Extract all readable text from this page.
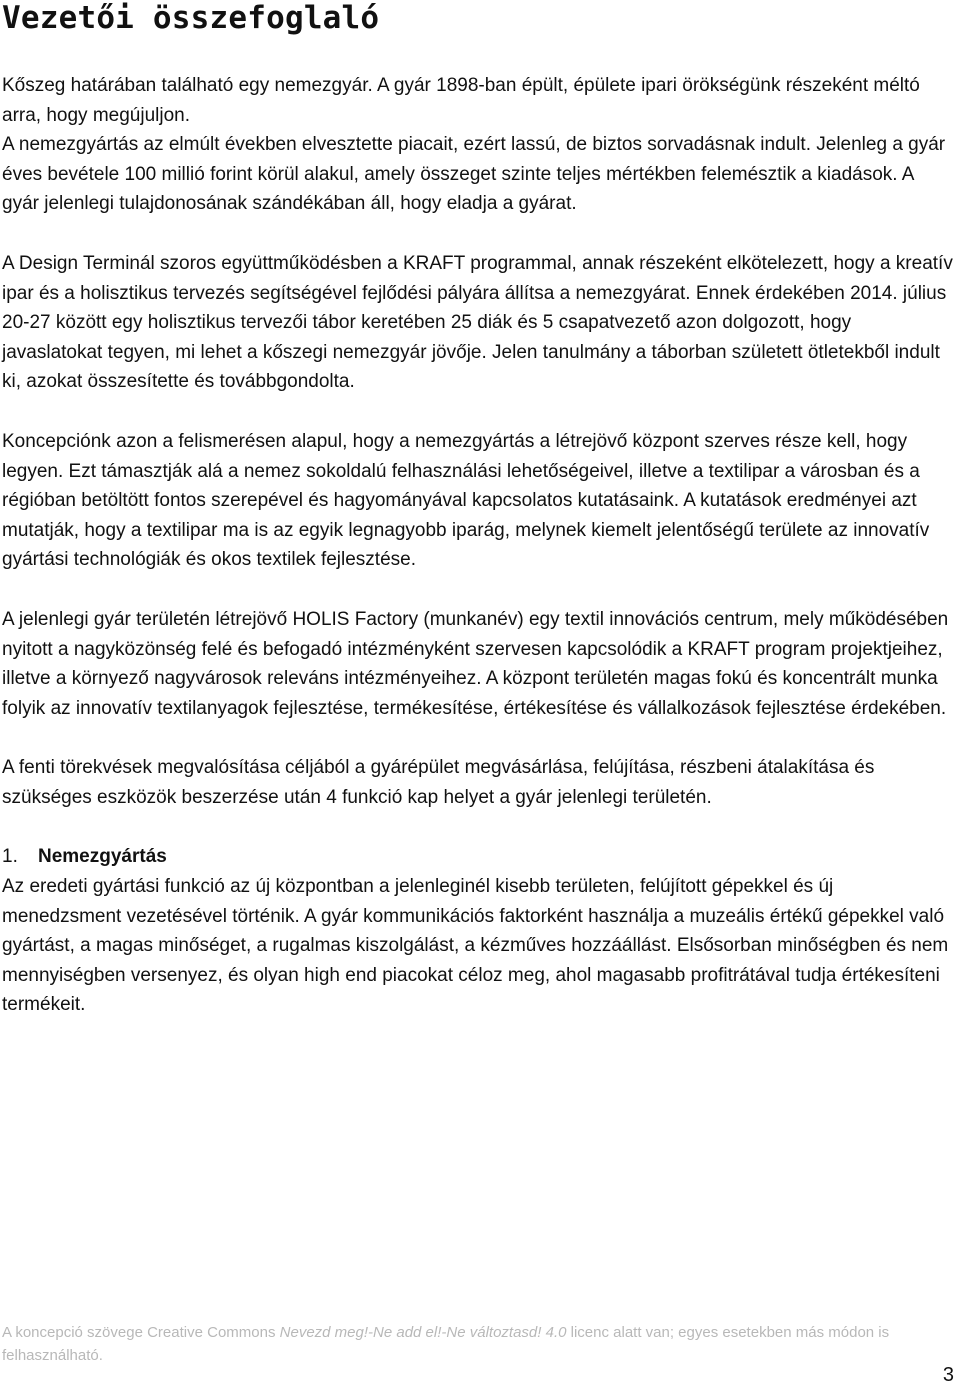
Vezetői összefoglaló

Kőszeg határában található egy nemezgyár. A gyár 1898-ban épült, épülete ipari örökségünk részeként méltó arra, hogy megújuljon.

A nemezgyártás az elmúlt években elvesztette piacait, ezért lassú, de biztos sorvadásnak indult. Jelenleg a gyár éves bevétele 100 millió forint körül alakul, amely összeget szinte teljes mértékben felemésztik a kiadások. A gyár jelenlegi tulajdonosának szándékában áll, hogy eladja a gyárat.

A Design Terminál szoros együttműködésben a KRAFT programmal, annak részeként elkötelezett, hogy a kreatív ipar és a holisztikus tervezés segítségével fejlődési pályára állítsa a nemezgyárat. Ennek érdekében 2014. július 20-27 között egy holisztikus tervezői tábor keretében 25 diák és 5 csapatvezető azon dolgozott, hogy javaslatokat tegyen, mi lehet a kőszegi nemezgyár jövője. Jelen tanulmány a táborban született ötletekből indult ki, azokat összesítette és továbbgondolta.

Koncepciónk azon a felismerésen alapul, hogy a nemezgyártás a létrejövő központ szerves része kell, hogy legyen. Ezt támasztják alá a nemez sokoldalú felhasználási lehetőségeivel, illetve a textilipar a városban és a régióban betöltött fontos szerepével és hagyományával kapcsolatos kutatásaink. A kutatások eredményei azt mutatják, hogy a textilipar ma is az egyik legnagyobb iparág, melynek kiemelt jelentőségű területe az innovatív gyártási technológiák és okos textilek fejlesztése.

A jelenlegi gyár területén létrejövő HOLIS Factory (munkanév) egy textil innovációs centrum, mely működésében nyitott a nagyközönség felé és befogadó intézményként szervesen kapcsolódik a KRAFT program projektjeihez, illetve a környező nagyvárosok releváns intézményeihez. A központ területén magas fokú és koncentrált munka folyik az innovatív textilanyagok fejlesztése, termékesítése, értékesítése és vállalkozások fejlesztése érdekében.

A fenti törekvések megvalósítása céljából a gyárépület megvásárlása, felújítása, részbeni átalakítása és szükséges eszközök beszerzése után 4 funkció kap helyet a gyár jelenlegi területén.

1. Nemezgyártás

Az eredeti gyártási funkció az új központban a jelenleginél kisebb területen, felújított gépekkel és új menedzsment vezetésével történik. A gyár kommunikációs faktorként használja a muzeális értékű gépekkel való gyártást, a magas minőséget, a rugalmas kiszolgálást, a kézműves hozzáállást. Elsősorban minőségben és nem mennyiségben versenyez, és olyan high end piacokat céloz meg, ahol magasabb profitrátával tudja értékesíteni termékeit.

A koncepció szövege Creative Commons Nevezd meg!-Ne add el!-Ne változtasd! 4.0 licenc alatt van; egyes esetekben más módon is felhasználható.
3
